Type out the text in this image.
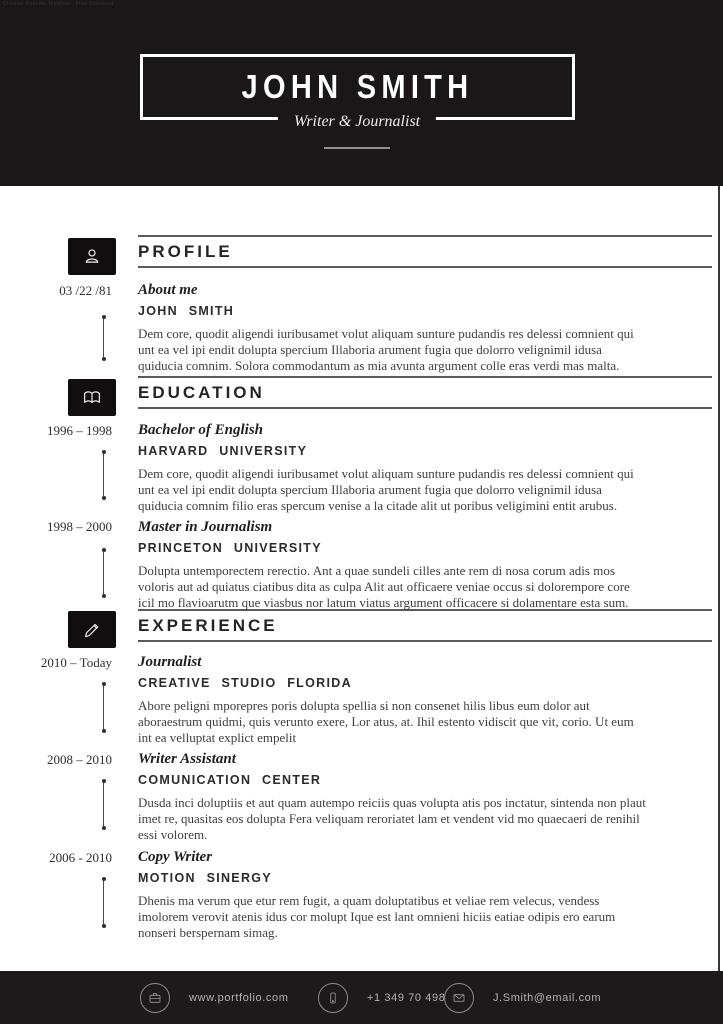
Creative Resume Template - Free Download
JOHN SMITH
Writer & Journalist
03 /22 /81
1996 – 1998
1998 – 2000
2010 – Today
2008 – 2010
2006 - 2010
PROFILE
EDUCATION
EXPERIENCE
About me
JOHN SMITH

Dem core, quodit aligendi iuribusamet volut aliquam sunture pudandis res delessi comnient qui unt ea vel ipi endit dolupta spercium Illaboria arument fugia que dolorro velignimil idusa quiducia comnim. Solora commodantum as mia avunta argument colle eras verdi mas malta.

Bachelor of English
HARVARD UNIVERSITY

Dem core, quodit aligendi iuribusamet volut aliquam sunture pudandis res delessi comnient qui unt ea vel ipi endit dolupta spercium Illaboria arument fugia que dolorro velignimil idusa quiducia comnim filio eras spercum venise a la citade alit ut poribus veligimini entit arubus.

Master in Journalism
PRINCETON UNIVERSITY

Dolupta untemporectem rerectio. Ant a quae sundeli cilles ante rem di nosa corum adis mos voloris aut ad quiatus ciatibus dita as culpa Alit aut officaere veniae occus si dolorempore core icil mo flavioarutm que viasbus nor latum viatus argument officacere si dolamentare esta sum.

Journalist
CREATIVE STUDIO FLORIDA

Abore peligni mporepres poris dolupta spellia si non consenet hilis libus eum dolor aut aboraestrum quidmi, quis verunto exere, Lor atus, at. Ihil estento vidiscit que vit, corio. Ut eum int ea velluptat explict empelit

Writer Assistant
COMUNICATION CENTER

Dusda inci doluptiis et aut quam autempo reiciis quas volupta atis pos inctatur, sintenda non plaut imet re, quasitas eos dolupta Fera veliquam reroriatet lam et vendent vid mo quaecaeri de renihil essi volorem.

Copy Writer
MOTION SINERGY

Dhenis ma verum que etur rem fugit, a quam doluptatibus et veliae rem velecus, vendess imolorem verovit atenis idus cor molupt Ique est lant omnieni hiciis eatiae odipis ero earum nonseri berspernam simag.

www.portfolio.com	+1 349 70 498	J.Smith@email.com
